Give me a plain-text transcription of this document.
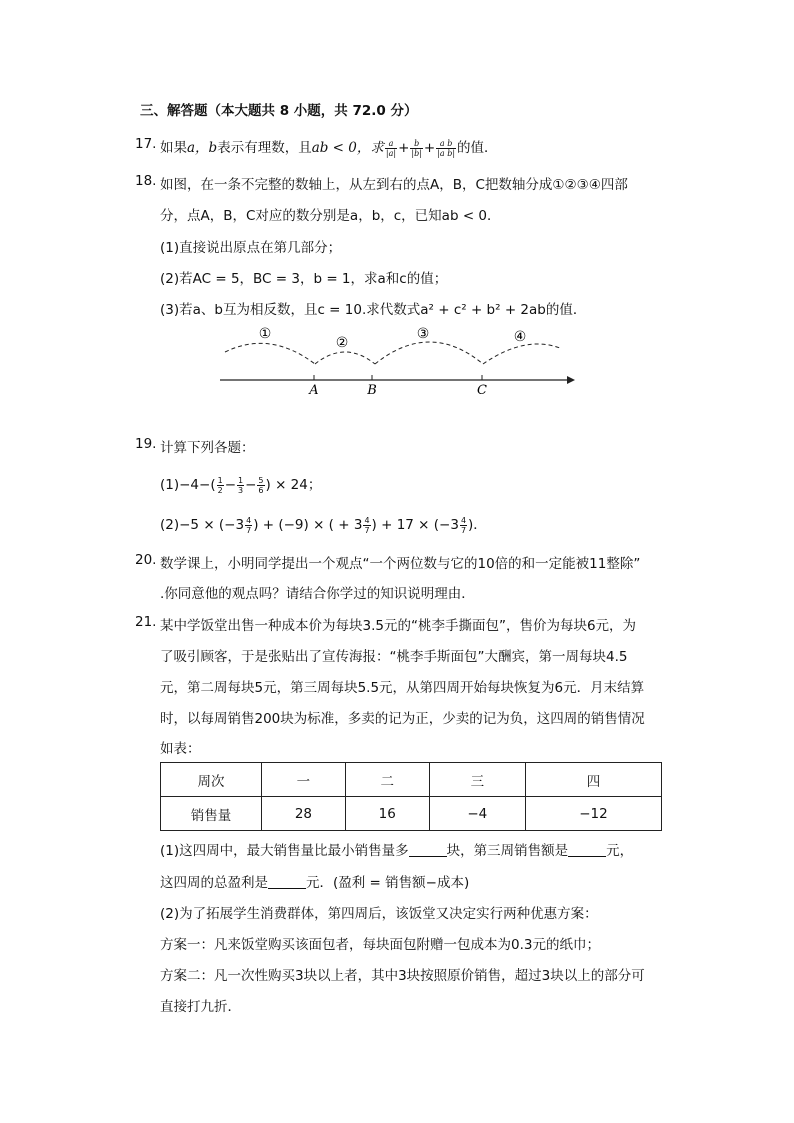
三、解答题（本大题共 8 小题，共 72.0 分）
17. 如果a，b表示有理数，且ab < 0，求 $\frac{a}{|a|} + \frac{b}{|b|} + \frac{\text{a b}}{\text{|a b|}}$ 的值．
18. 如图，在一条不完整的数轴上，从左到右的点A，B，C把数轴分成①②③④四部
分，点A，B，C对应的数分别是a，b，c，已知ab < 0．
(1)直接说出原点在第几部分；
(2)若AC = 5，BC = 3，b = 1，求a和c的值；
(3)若a、b互为相反数，且c = 10.求代数式a² + c² + b² + 2ab的值．
①
②
③	④
A	B	C
19. 计算下列各题：
$(1)-4-( \frac{1}{2} - \frac{1}{3} - \frac{5}{6}$ ) × 24；
$(2)-5 \times (-3 \frac{4}{7}$ ) + (−9) × ( + $3 \frac{4}{7}$ ) + $17 \times (-3 \frac{4}{7}$ )．
20. 数学课上，小明同学提出一个观点“一个两位数与它的10倍的和一定能被11整除”
.你同意他的观点吗？请结合你学过的知识说明理由．
21. 某中学饭堂出售一种成本价为每块3.5元的“桃李手撕面包”，售价为每块6元，为
了吸引顾客，于是张贴出了宣传海报：“桃李手斯面包”大酬宾，第一周每块4.5
元，第二周每块5元，第三周每块5.5元，从第四周开始每块恢复为6元．月末结算
时，以每周销售200块为标准，多卖的记为正，少卖的记为负，这四周的销售情况
如表：
周次	一	二	三	四
销售量	28	16	−4	−12
(1)这四周中，最大销售量比最小销售量多	块，第三周销售额是	元，
这四周的总盈利是	元．(盈利 = 销售额−成本)
(2)为了拓展学生消费群体，第四周后，该饭堂又决定实行两种优惠方案：
方案一：凡来饭堂购买该面包者，每块面包附赠一包成本为0.3元的纸巾；
方案二：凡一次性购买3块以上者，其中3块按照原价销售，超过3块以上的部分可
直接打九折．
